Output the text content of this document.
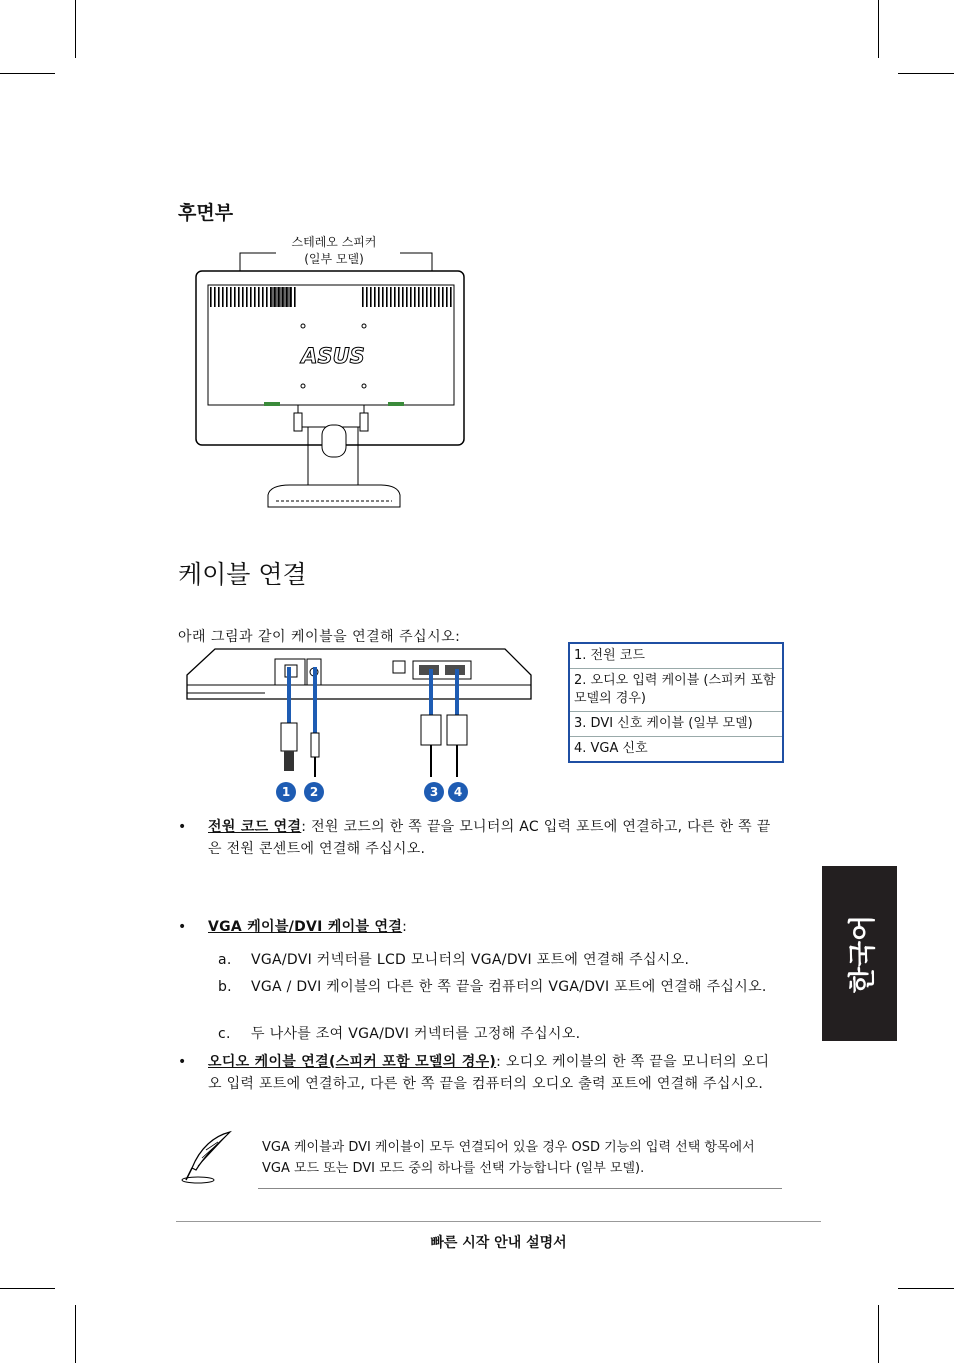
후면부
스테레오 스피커
(일부 모델)
ASUS
케이블 연결
아래 그림과 같이 케이블을 연결해 주십시오:
1	2	3	4
1. 전원 코드
2. 오디오 입력 케이블 (스피커 포함 모델의 경우)
3. DVI 신호 케이블 (일부 모델)
4. VGA 신호
• 전원 코드 연결: 전원 코드의 한 쪽 끝을 모니터의 AC 입력 포트에 연결하고, 다른 한 쪽 끝은 전원 콘센트에 연결해 주십시오.
• VGA 케이블/DVI 케이블 연결:
a. VGA/DVI 커넥터를 LCD 모니터의 VGA/DVI 포트에 연결해 주십시오.
b. VGA / DVI 케이블의 다른 한 쪽 끝을 컴퓨터의 VGA/DVI 포트에 연결해 주십시오.
c. 두 나사를 조여 VGA/DVI 커넥터를 고정해 주십시오.
• 오디오 케이블 연결(스피커 포함 모델의 경우): 오디오 케이블의 한 쪽 끝을 모니터의 오디오 입력 포트에 연결하고, 다른 한 쪽 끝을 컴퓨터의 오디오 출력 포트에 연결해 주십시오.
VGA 케이블과 DVI 케이블이 모두 연결되어 있을 경우 OSD 기능의 입력 선택 항목에서 VGA 모드 또는 DVI 모드 중의 하나를 선택 가능합니다 (일부 모델).
빠른 시작 안내 설명서
한국어
